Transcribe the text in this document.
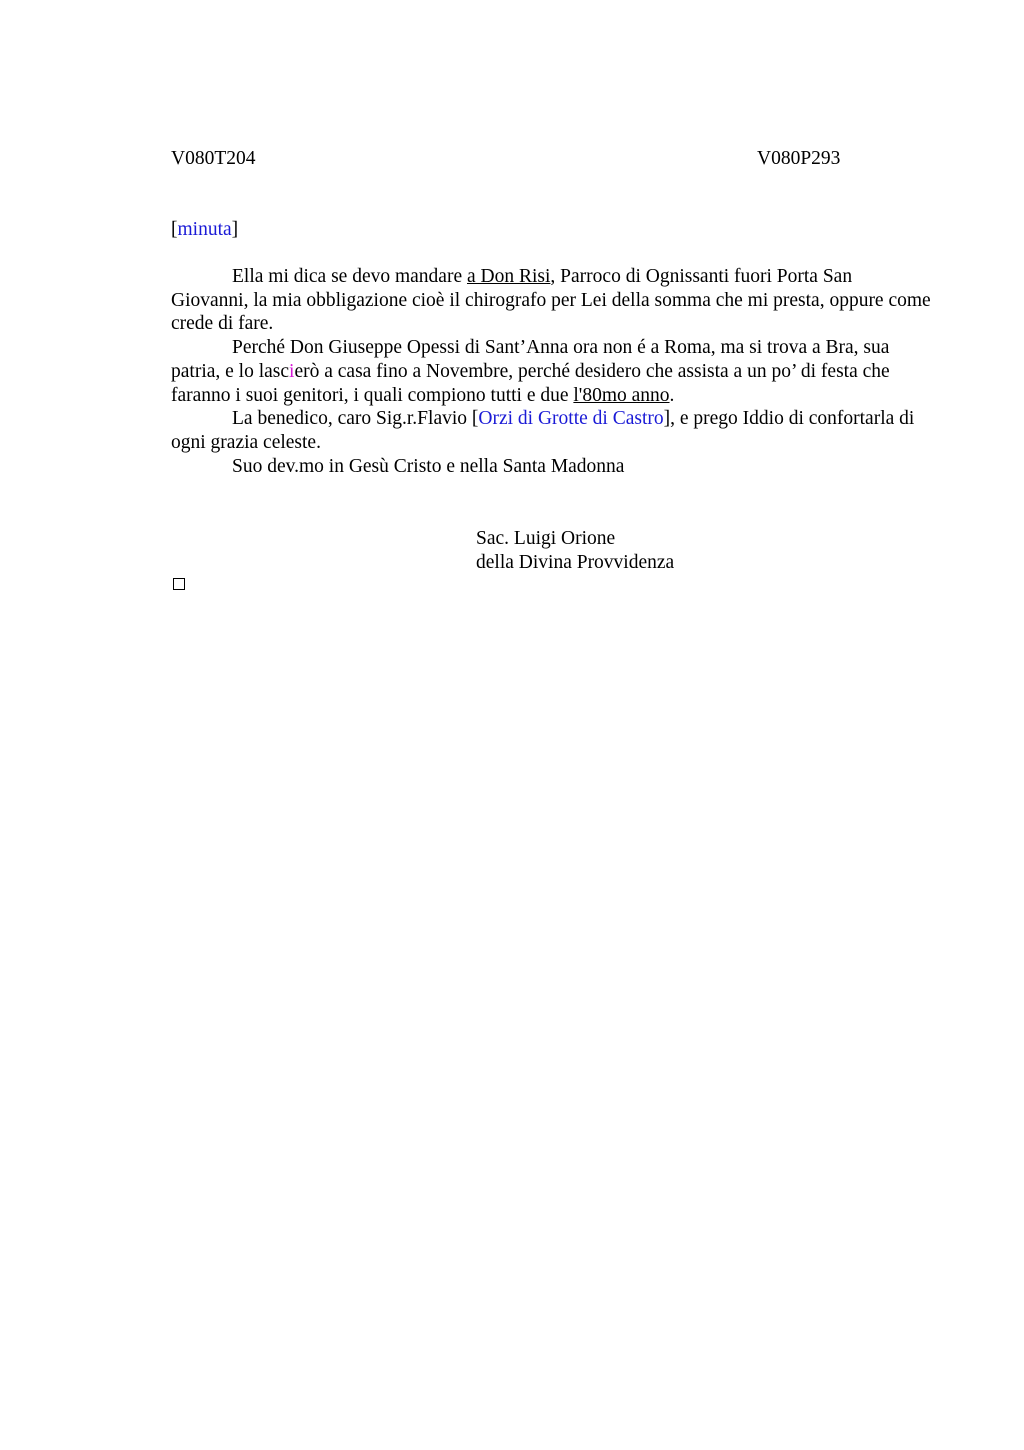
V080T204	V080P293
[minuta]

Ella mi dica se devo mandare a Don Risi, Parroco di Ognissanti fuori Porta San Giovanni, la mia obbligazione cioè il chirografo per Lei della somma che mi presta, oppure come crede di fare.

Perché Don Giuseppe Opessi di Sant’Anna ora non é a Roma, ma si trova a Bra, sua patria, e lo lascierò a casa fino a Novembre, perché desidero che assista a un po’ di festa che faranno i suoi genitori, i quali compiono tutti e due l'80mo anno.

La benedico, caro Sig.r.Flavio [Orzi di Grotte di Castro], e prego Iddio di confortarla di ogni grazia celeste.

Suo dev.mo in Gesù Cristo e nella Santa Madonna

Sac. Luigi Orione
della Divina Provvidenza
